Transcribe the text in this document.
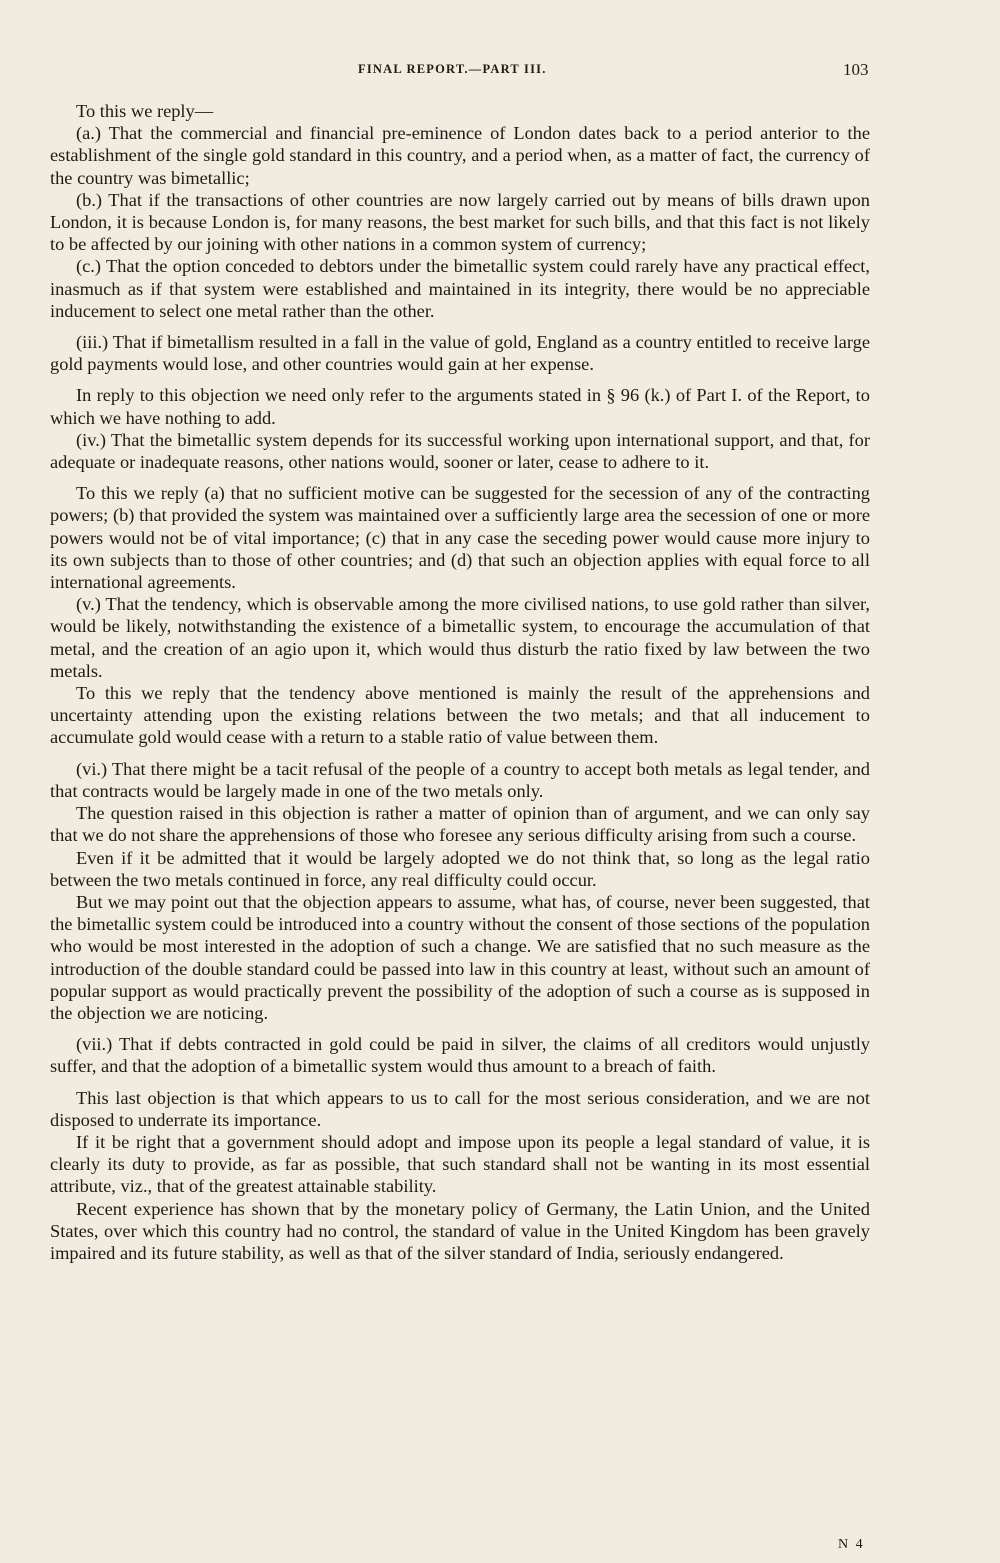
FINAL REPORT.—PART III.	103

To this we reply—

(a.) That the commercial and financial pre-eminence of London dates back to a period anterior to the establishment of the single gold standard in this country, and a period when, as a matter of fact, the currency of the country was bimetallic;

(b.) That if the transactions of other countries are now largely carried out by means of bills drawn upon London, it is because London is, for many reasons, the best market for such bills, and that this fact is not likely to be affected by our joining with other nations in a common system of currency;

(c.) That the option conceded to debtors under the bimetallic system could rarely have any practical effect, inasmuch as if that system were established and maintained in its integrity, there would be no appreciable inducement to select one metal rather than the other.

(iii.) That if bimetallism resulted in a fall in the value of gold, England as a country entitled to receive large gold payments would lose, and other countries would gain at her expense.

In reply to this objection we need only refer to the arguments stated in § 96 (k.) of Part I. of the Report, to which we have nothing to add.

(iv.) That the bimetallic system depends for its successful working upon international support, and that, for adequate or inadequate reasons, other nations would, sooner or later, cease to adhere to it.

To this we reply (a) that no sufficient motive can be suggested for the secession of any of the contracting powers; (b) that provided the system was maintained over a sufficiently large area the secession of one or more powers would not be of vital importance; (c) that in any case the seceding power would cause more injury to its own subjects than to those of other countries; and (d) that such an objection applies with equal force to all international agreements.

(v.) That the tendency, which is observable among the more civilised nations, to use gold rather than silver, would be likely, notwithstanding the existence of a bimetallic system, to encourage the accumulation of that metal, and the creation of an agio upon it, which would thus disturb the ratio fixed by law between the two metals.

To this we reply that the tendency above mentioned is mainly the result of the apprehensions and uncertainty attending upon the existing relations between the two metals; and that all inducement to accumulate gold would cease with a return to a stable ratio of value between them.

(vi.) That there might be a tacit refusal of the people of a country to accept both metals as legal tender, and that contracts would be largely made in one of the two metals only.

The question raised in this objection is rather a matter of opinion than of argument, and we can only say that we do not share the apprehensions of those who foresee any serious difficulty arising from such a course.

Even if it be admitted that it would be largely adopted we do not think that, so long as the legal ratio between the two metals continued in force, any real difficulty could occur.

But we may point out that the objection appears to assume, what has, of course, never been suggested, that the bimetallic system could be introduced into a country without the consent of those sections of the population who would be most interested in the adoption of such a change. We are satisfied that no such measure as the introduction of the double standard could be passed into law in this country at least, without such an amount of popular support as would practically prevent the possibility of the adoption of such a course as is supposed in the objection we are noticing.

(vii.) That if debts contracted in gold could be paid in silver, the claims of all creditors would unjustly suffer, and that the adoption of a bimetallic system would thus amount to a breach of faith.

This last objection is that which appears to us to call for the most serious consideration, and we are not disposed to underrate its importance.

If it be right that a government should adopt and impose upon its people a legal standard of value, it is clearly its duty to provide, as far as possible, that such standard shall not be wanting in its most essential attribute, viz., that of the greatest attainable stability.

Recent experience has shown that by the monetary policy of Germany, the Latin Union, and the United States, over which this country had no control, the standard of value in the United Kingdom has been gravely impaired and its future stability, as well as that of the silver standard of India, seriously endangered.

N 4
